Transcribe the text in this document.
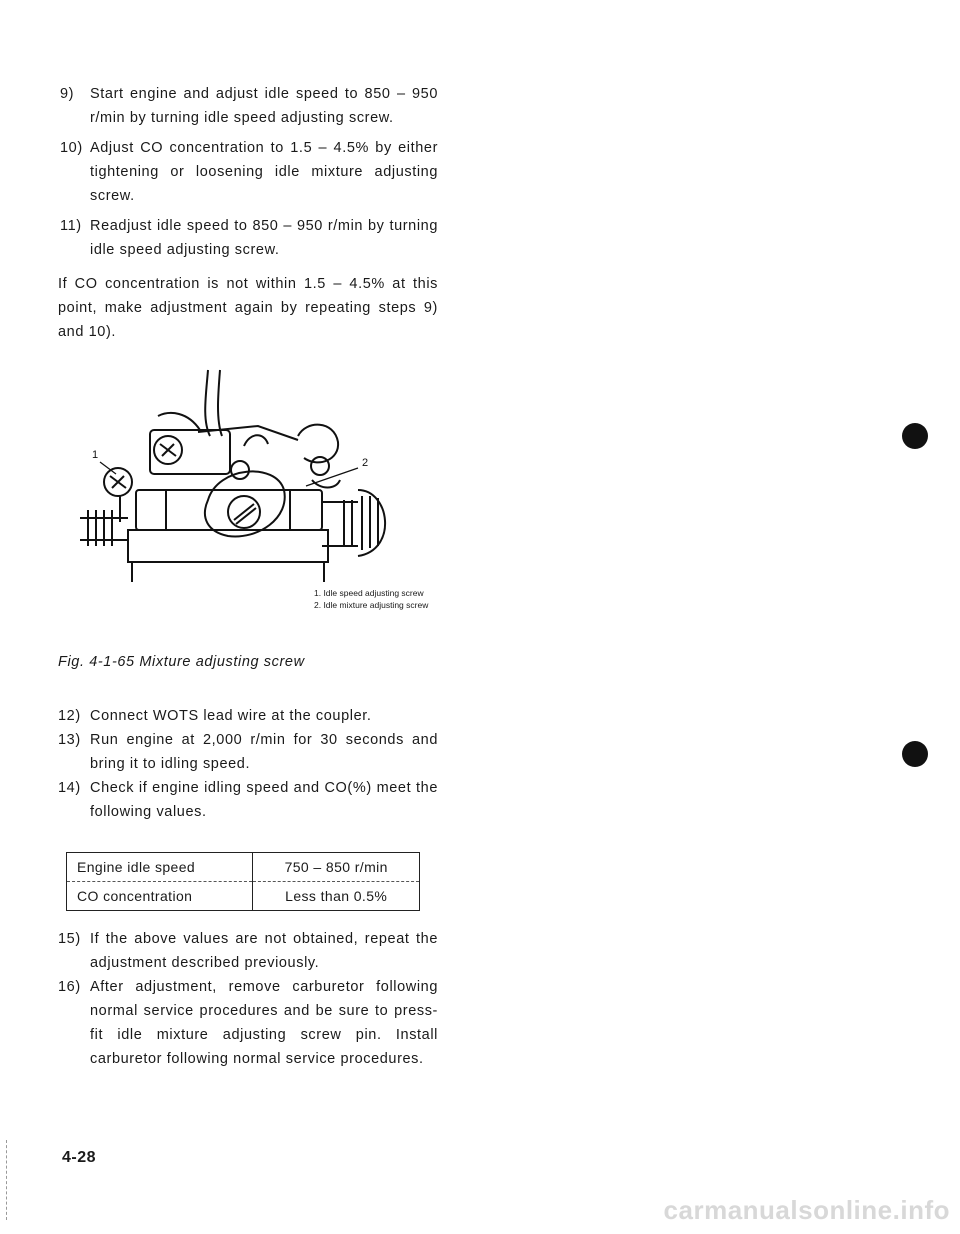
9)	Start engine and adjust idle speed to 850 – 950 r/min by turning idle speed adjusting screw.
10) Adjust CO concentration to 1.5 – 4.5% by either tightening or loosening idle mixture adjusting screw.
11) Readjust idle speed to 850 – 950 r/min by turning idle speed adjusting screw.
If CO concentration is not within 1.5 – 4.5% at this point, make adjustment again by repeating steps 9) and 10).
1
2
1. Idle speed adjusting screw
2. Idle mixture adjusting screw
Fig. 4-1-65 Mixture adjusting screw
12) Connect WOTS lead wire at the coupler.
13) Run engine at 2,000 r/min for 30 seconds and bring it to idling speed.
14) Check if engine idling speed and CO(%) meet the following values.
Engine idle speed	750 – 850 r/min
CO concentration	Less than 0.5%
15) If the above values are not obtained, repeat the adjustment described previously.
16) After adjustment, remove carburetor following normal service procedures and be sure to press-fit idle mixture adjusting screw pin. Install carburetor following normal service procedures.
4-28
carmanualsonline.info
